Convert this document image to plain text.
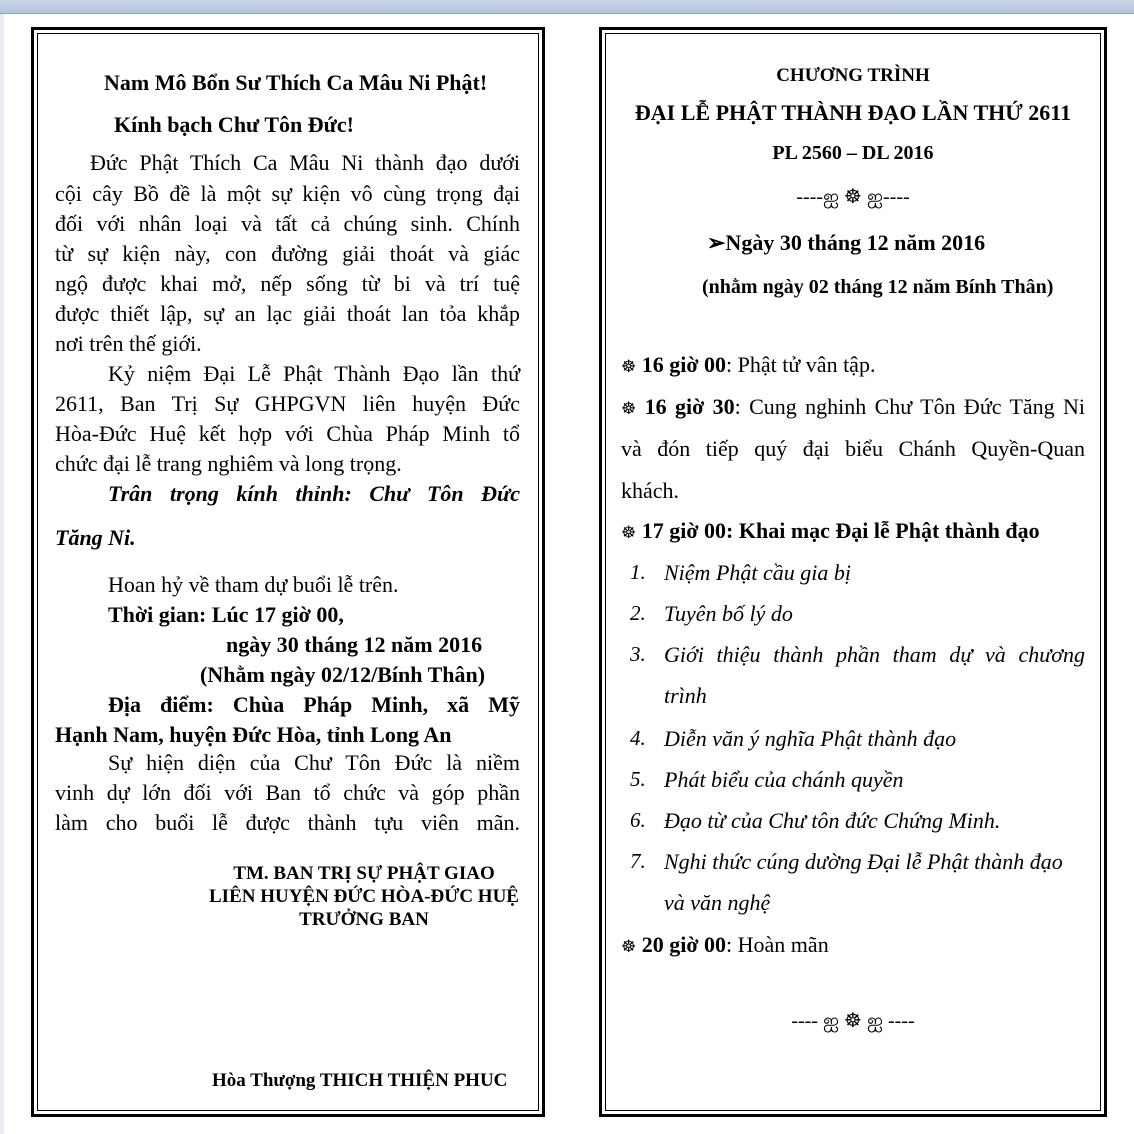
Nam Mô Bổn Sư Thích Ca Mâu Ni Phật!
Kính bạch Chư Tôn Đức!
Đức Phật Thích Ca Mâu Ni thành đạo dưới
cội cây Bồ đề là một sự kiện vô cùng trọng đại
đối với nhân loại và tất cả chúng sinh. Chính
từ sự kiện này, con đường giải thoát và giác
ngộ được khai mở, nếp sống từ bi và trí tuệ
được thiết lập, sự an lạc giải thoát lan tỏa khắp
nơi trên thế giới.
Kỷ niệm Đại Lễ Phật Thành Đạo lần thứ
2611, Ban Trị Sự GHPGVN liên huyện Đức
Hòa-Đức Huệ kết hợp với Chùa Pháp Minh tổ
chức đại lễ trang nghiêm và long trọng.
Trân trọng kính thỉnh: Chư Tôn Đức
Tăng Ni.
Hoan hỷ về tham dự buổi lễ trên.
Thời gian: Lúc 17 giờ 00,
ngày 30 tháng 12 năm 2016
(Nhằm ngày 02/12/Bính Thân)
Địa điểm: Chùa Pháp Minh, xã Mỹ
Hạnh Nam, huyện Đức Hòa, tỉnh Long An
Sự hiện diện của Chư Tôn Đức là niềm
vinh dự lớn đối với Ban tổ chức và góp phần
làm cho buổi lễ được thành tựu viên mãn.
TM. BAN TRỊ SỰ PHẬT GIAO
LIÊN HUYỆN ĐỨC HÒA-ĐỨC HUỆ
TRƯỞNG BAN
Hòa Thượng THICH THIỆN PHUC
CHƯƠNG TRÌNH
ĐẠI LỄ PHẬT THÀNH ĐẠO LẦN THỨ 2611
PL 2560 – DL 2016
----ஐ ☸ ஐ----
➢Ngày 30 tháng 12 năm 2016
(nhằm ngày 02 tháng 12 năm Bính Thân)
☸ 16 giờ 00: Phật tử vân tập.
☸ 16 giờ 30: Cung nghinh Chư Tôn Đức Tăng Ni
và đón tiếp quý đại biểu Chánh Quyền-Quan
khách.
☸ 17 giờ 00: Khai mạc Đại lễ Phật thành đạo
1. Niệm Phật cầu gia bị
2. Tuyên bố lý do
3. Giới thiệu thành phần tham dự và chương
trình
4. Diễn văn ý nghĩa Phật thành đạo
5. Phát biểu của chánh quyền
6. Đạo từ của Chư tôn đức Chứng Minh.
7. Nghi thức cúng dường Đại lễ Phật thành đạo
và văn nghệ
☸ 20 giờ 00: Hoàn mãn
---- ஐ ☸ ஐ ----
